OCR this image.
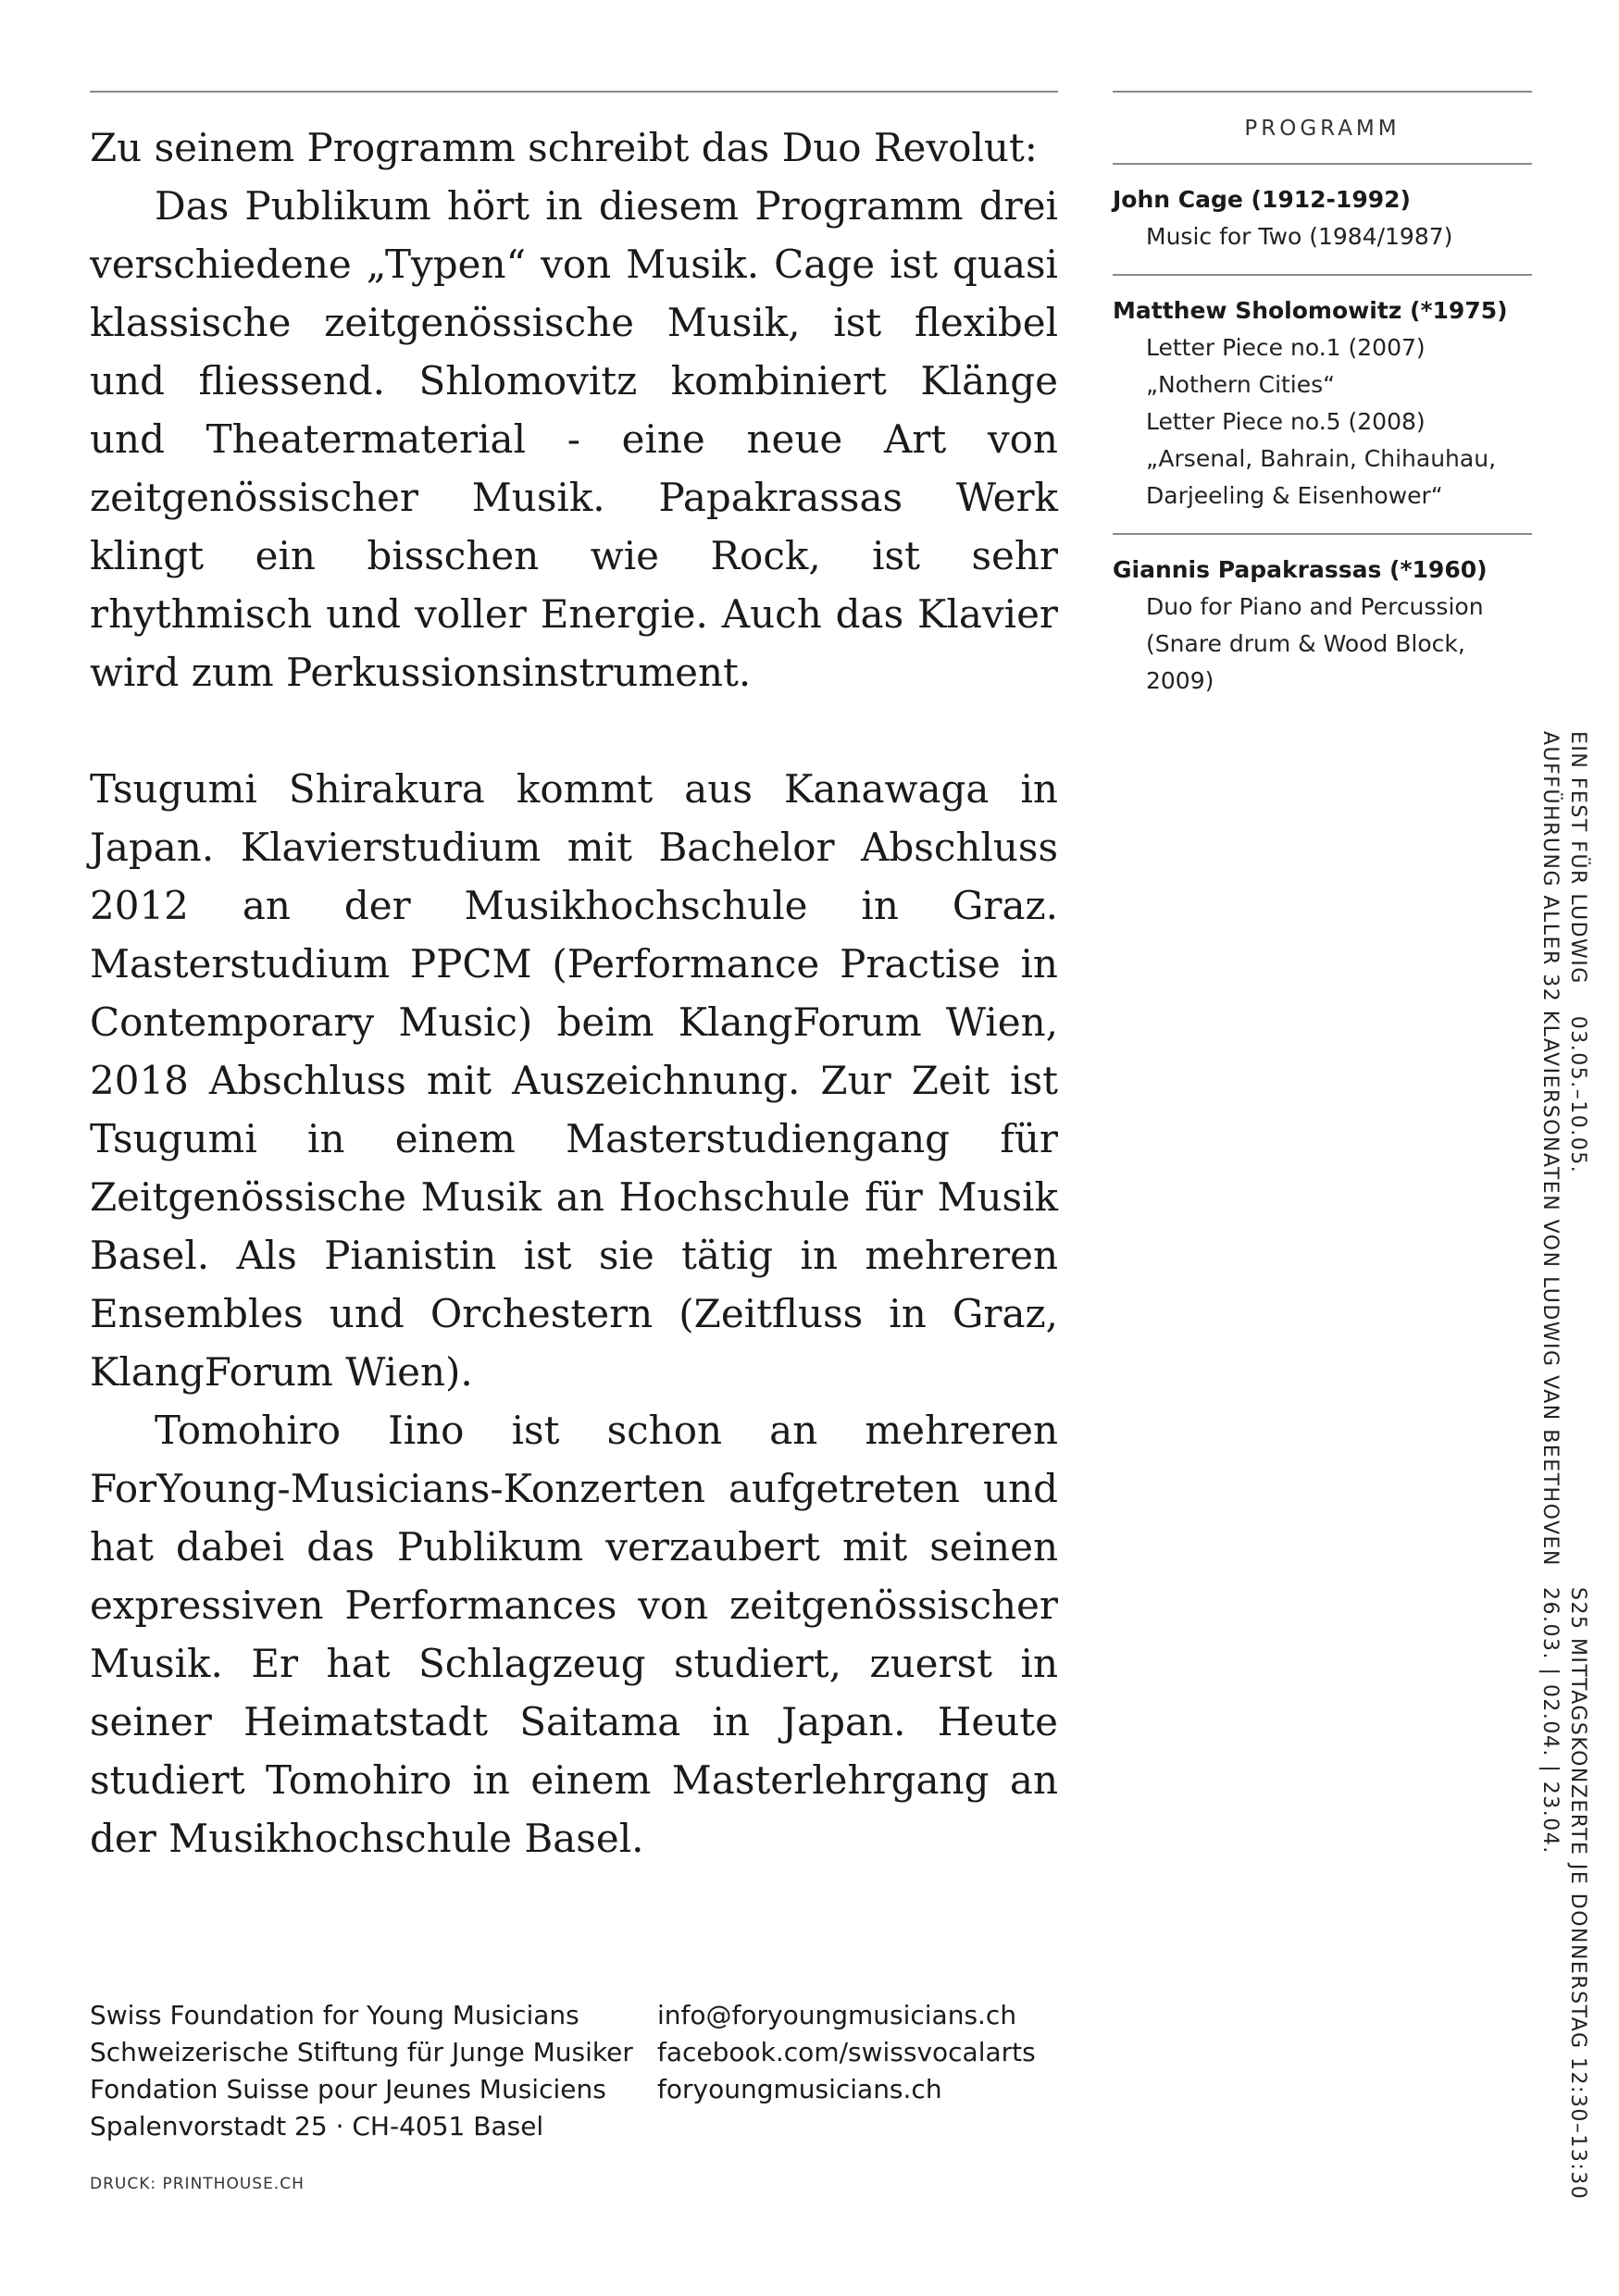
Zu seinem Programm schreibt das Duo Revolut:

Das Publikum hört in diesem Programm drei verschiedene „Typen“ von Musik. Cage ist quasi klassische zeitgenössische Musik, ist flexibel und fliessend. Shlomovitz kombiniert Klänge und Theatermaterial - eine neue Art von zeitgenössischer Musik. Papakrassas Werk klingt ein bisschen wie Rock, ist sehr rhythmisch und voller Energie. Auch das Klavier wird zum Perkussionsinstrument.

Tsugumi Shirakura kommt aus Kanawaga in Japan. Klavierstudium mit Bachelor Abschluss 2012 an der Musikhochschule in Graz. Masterstudium PPCM (Performance Practise in Contemporary Music) beim KlangForum Wien, 2018 Abschluss mit Auszeichnung. Zur Zeit ist Tsugumi in einem Masterstudiengang für Zeitgenössische Musik an Hochschule für Musik Basel. Als Pianistin ist sie tätig in mehreren Ensembles und Orchestern (Zeitfluss in Graz, KlangForum Wien).

Tomohiro Iino ist schon an mehreren ForYoung-Musicians-Konzerten aufgetreten und hat dabei das Publikum verzaubert mit seinen expressiven Performances von zeitgenössischer Musik. Er hat Schlagzeug studiert, zuerst in seiner Heimatstadt Saitama in Japan. Heute studiert Tomohiro in einem Masterlehrgang an der Musikhochschule Basel.

PROGRAMM
John Cage (1912-1992)
Music for Two (1984/1987)
Matthew Sholomowitz (*1975)
Letter Piece no.1 (2007)
„Nothern Cities“
Letter Piece no.5 (2008)
„Arsenal, Bahrain, Chihauhau,
Darjeeling & Eisenhower“
Giannis Papakrassas (*1960)
Duo for Piano and Percussion
(Snare drum & Wood Block,
2009)
EIN FEST FÜR LUDWIG    03.05.–10.05.
AUFFÜHRUNG ALLER 32 KLAVIERSONATEN VON LUDWIG VAN BEETHOVEN
S25 MITTAGSKONZERTE JE DONNERSTAG 12:30–13:30
26.03. | 02.04. | 23.04.
Swiss Foundation for Young Musicians
Schweizerische Stiftung für Junge Musiker
Fondation Suisse pour Jeunes Musiciens
Spalenvorstadt 25 · CH-4051 Basel
info@foryoungmusicians.ch
facebook.com/swissvocalarts
foryoungmusicians.ch
DRUCK: PRINTHOUSE.CH
